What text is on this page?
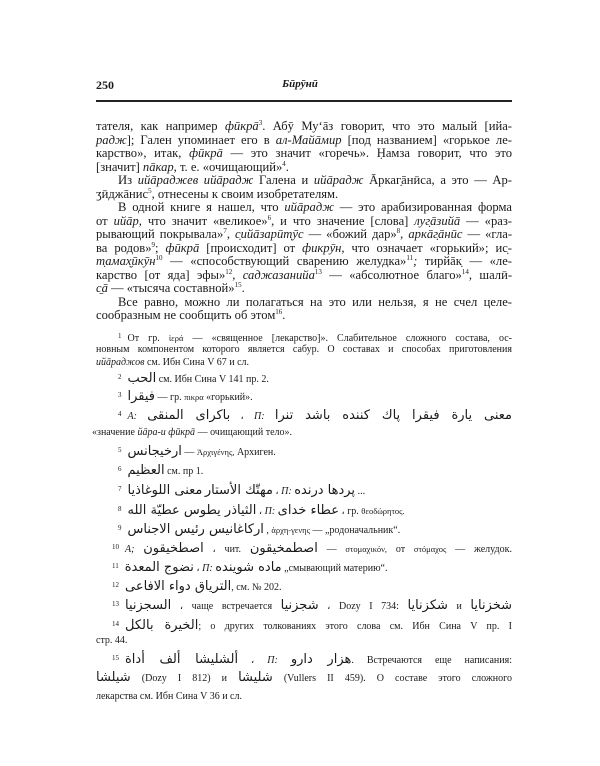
250	Бӣрӯнӣ
тателя, как например фӣкрā$^3$. Абӯ Му‘āз говорит, что это малый [ийа-
радж]; Гален упоминает его в ал-Майāмир [под названием] «горькое ле-
карство», итак, фӣкрā — это значит «горечь». Ḥамза говорит, что это
[значит] пāкар, т. е. «очищающий»$^4$.
Из ийāраджев ийāрадж Галена и ийāрадж Āркаг̣āнӣса, а это — Ар-
ӡӣджāнис$^5$, отнесены к своим изобретателям.
В одной книге я нашел, что ийāрадж — это арабизированная форма
от ийāр, что значит «великое»$^6$, и что значение [слова] луг̣āзийā — «раз-
рывающий покрывала»$^7$, с̣ийāзарӣт̣ӯс — «божий дар»$^8$, аркāг̣āнӣс — «гла-
ва родов»$^9$; фӣкрā [происходит] от фикрӯн, что означает «горький»; ис̣-
т̣амах̮ӣкӯн$^{10}$ — «способствующий сварению желудка»$^{11}$; тирйāк̣ — «ле-
карство [от яда] эфы»$^{12}$, саджазанийа$^{13}$ — «абсолютное благо»$^{14}$, шалӣ-
с̱ā — «тысяча составной»$^{15}$.
Все равно, можно ли полагаться на это или нельзя, я не счел целе-
сообразным не сообщить об этом$^{16}$.
$^1$ От гр. ἱερά — «священное [лекарство]». Слабительное сложного состава, ос-
новным компонентом которого является сабур. О составах и способах приготовления
ийāраджов см. Ибн Сина V 67 и сл.
$^2$ الحب см. Ибн Сина V 141 пр. 2.
$^3$ فيقرا — гр. πικρα «горький».
$^4$ A: باكراى المنقى ، П: معنى يارة فيقرا پاك كننده باشد تنرا
«значение йāра-и фӣкрā — очищающий тело».
$^5$ ارخيجانس — Ἀρχιγένης, Архиген.
$^6$ العظيم см. пр 1.
$^7$	مهتّك الأستار معنى اللوغاذيا	، П: پردها درنده ...
$^8$ الثياذر يطوس عطيّة الله ، П: عطاء خداى ، гр. θεοδώρητος.
$^9$ اركاغانيس رئيس الاجناس , ἀρχη-γενης — „родоначальник“.
$^{10}$ A; اصطخيقون ، чит. اصطمخيقون — στομαχικόν, от στόμαχος — желудок.
$^{11}$ نضوج المعدة ، П: ماده شوينده „смывающий материю“.
$^{12}$ الترياق دواء الافاعى, см. № 202.
$^{13}$ السجزنيا ، чаще встречается شجزنيا ، Dozy I 734: شكزنايا и شخزنايا
$^{14}$ الخيرة بالكل; о других толкованиях этого слова см. Ибн Сина V пр. I
стр. 44.
$^{15}$ ألشليشا ألف أداة ، П: هزار دارو. Встречаются еще написания:
شيلشا (Dozy I 812) и شليشا (Vullers II 459). О составе этого сложного
лекарства см. Ибн Сина V 36 и сл.
